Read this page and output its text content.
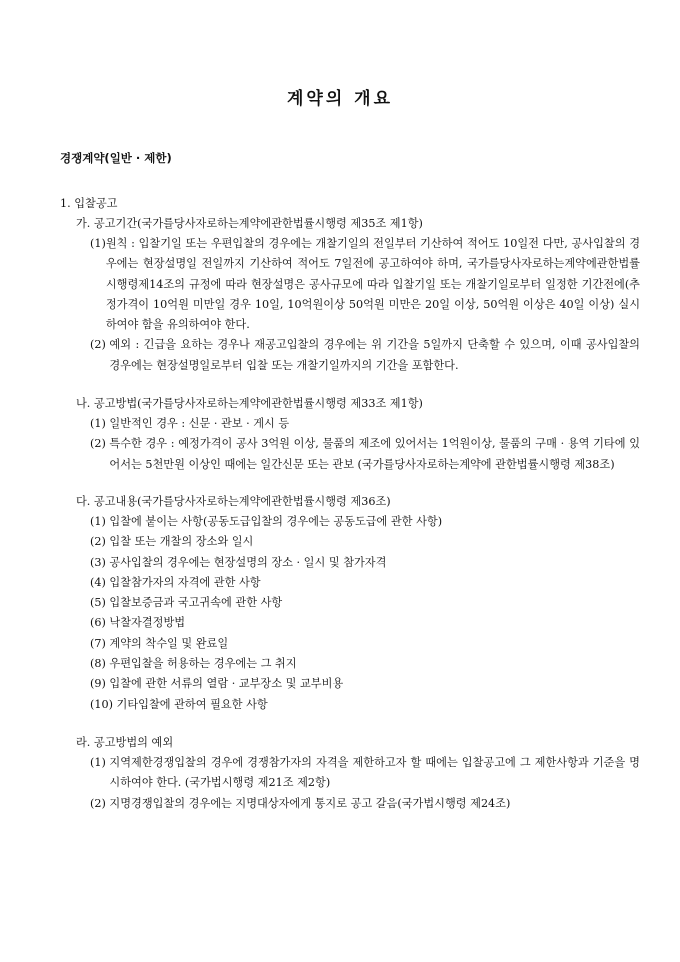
계약의 개요
경쟁계약(일반 · 제한)
1. 입찰공고
가. 공고기간(국가를당사자로하는계약에관한법률시행령 제35조 제1항)
(1) 원칙 : 입찰기일 또는 우편입찰의 경우에는 개찰기일의 전일부터 기산하여 적어도 10일전 다만, 공사입찰의 경우에는 현장설명일 전일까지 기산하여 적어도 7일전에 공고하여야 하며, 국가를당사자로하는계약에관한법률시행령제14조의 규정에 따라 현장설명은 공사규모에 따라 입찰기일 또는 개찰기일로부터 일정한 기간전에(추정가격이 10억원 미만일 경우 10일, 10억원이상 50억원 미만은 20일 이상, 50억원 이상은 40일 이상) 실시하여야 함을 유의하여야 한다.
(2) 예외 : 긴급을 요하는 경우나 재공고입찰의 경우에는 위 기간을 5일까지 단축할 수 있으며, 이때 공사입찰의 경우에는 현장설명일로부터 입찰 또는 개찰기일까지의 기간을 포함한다.
나. 공고방법(국가를당사자로하는계약에관한법률시행령 제33조 제1항)
(1) 일반적인 경우 : 신문 · 관보 · 게시 등
(2) 특수한 경우 : 예정가격이 공사 3억원 이상, 물품의 제조에 있어서는 1억원이상, 물품의 구매 · 용역 기타에 있어서는 5천만원 이상인 때에는 일간신문 또는 관보 (국가를당사자로하는계약에 관한법률시행령 제38조)
다. 공고내용(국가를당사자로하는계약에관한법률시행령 제36조)
(1) 입찰에 붙이는 사항(공동도급입찰의 경우에는 공동도급에 관한 사항)
(2) 입찰 또는 개찰의 장소와 일시
(3) 공사입찰의 경우에는 현장설명의 장소 · 일시 및 참가자격
(4) 입찰참가자의 자격에 관한 사항
(5) 입찰보증금과 국고귀속에 관한 사항
(6) 낙찰자결정방법
(7) 계약의 착수일 및 완료일
(8) 우편입찰을 허용하는 경우에는 그 취지
(9) 입찰에 관한 서류의 열람 · 교부장소 및 교부비용
(10) 기타입찰에 관하여 필요한 사항
라. 공고방법의 예외
(1) 지역제한경쟁입찰의 경우에 경쟁참가자의 자격을 제한하고자 할 때에는 입찰공고에 그 제한사항과 기준을 명시하여야 한다. (국가법시행령 제21조 제2항)
(2) 지명경쟁입찰의 경우에는 지명대상자에게 통지로 공고 갈음(국가법시행령 제24조)
